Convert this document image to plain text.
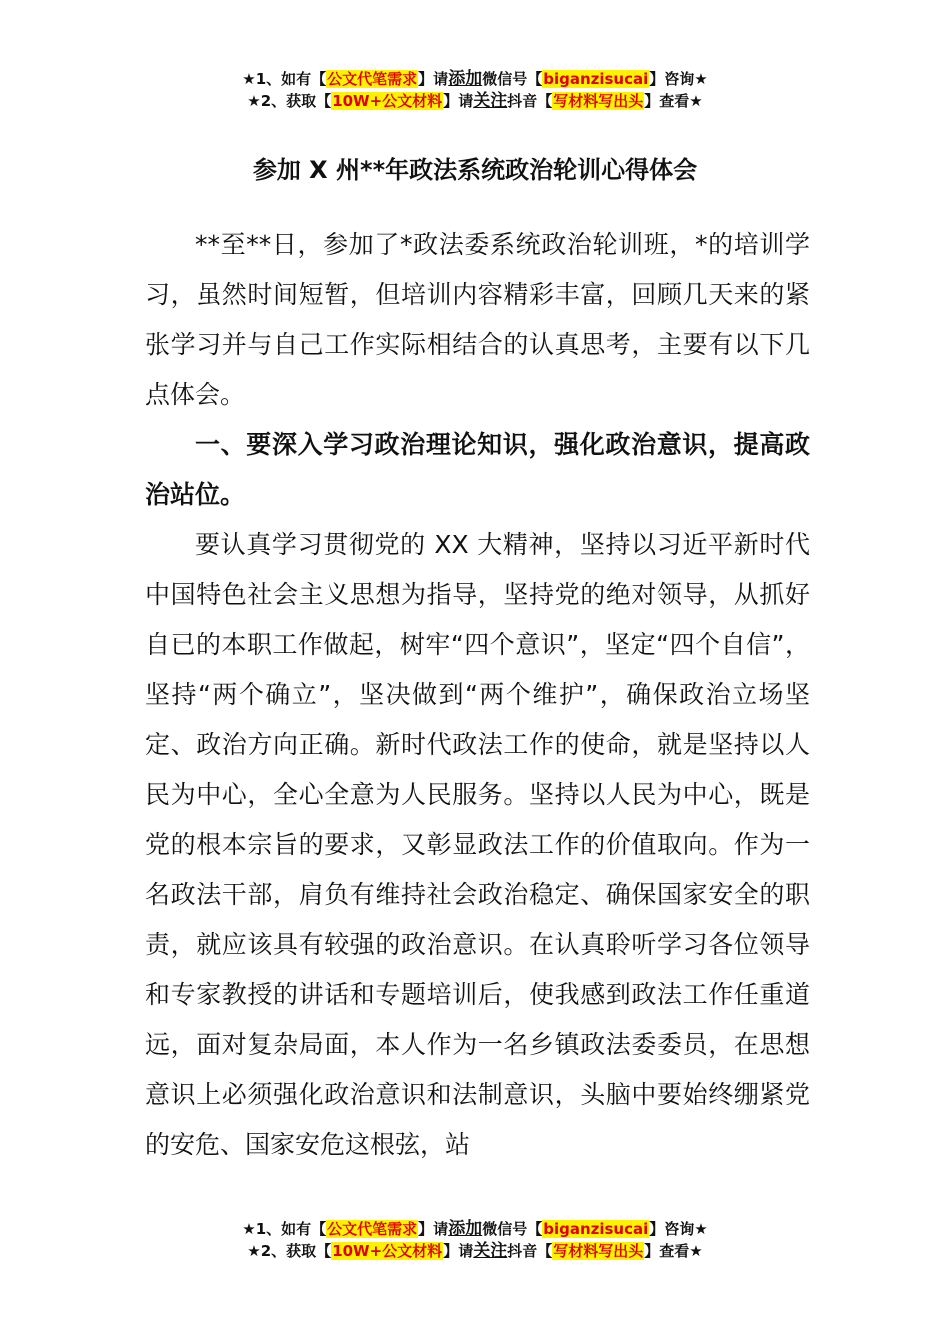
★1、如有【公文代笔需求】请添加微信号【biganzisucai】咨询★
★2、获取【10W+公文材料】请关注抖音【写材料写出头】查看★
参加 X 州**年政法系统政治轮训心得体会

**至**日，参加了*政法委系统政治轮训班，*的培训学习，虽然时间短暂，但培训内容精彩丰富，回顾几天来的紧张学习并与自己工作实际相结合的认真思考，主要有以下几点体会。

一、要深入学习政治理论知识，强化政治意识，提高政治站位。

要认真学习贯彻党的 XX 大精神，坚持以习近平新时代中国特色社会主义思想为指导，坚持党的绝对领导，从抓好自已的本职工作做起，树牢“四个意识”，坚定“四个自信”，坚持“两个确立”，坚决做到“两个维护”，确保政治立场坚定、政治方向正确。新时代政法工作的使命，就是坚持以人民为中心，全心全意为人民服务。坚持以人民为中心，既是党的根本宗旨的要求，又彰显政法工作的价值取向。作为一名政法干部，肩负有维持社会政治稳定、确保国家安全的职责，就应该具有较强的政治意识。在认真聆听学习各位领导和专家教授的讲话和专题培训后，使我感到政法工作任重道远，面对复杂局面，本人作为一名乡镇政法委委员，在思想意识上必须强化政治意识和法制意识，头脑中要始终绷紧党的安危、国家安危这根弦，站

★1、如有【公文代笔需求】请添加微信号【biganzisucai】咨询★
★2、获取【10W+公文材料】请关注抖音【写材料写出头】查看★
